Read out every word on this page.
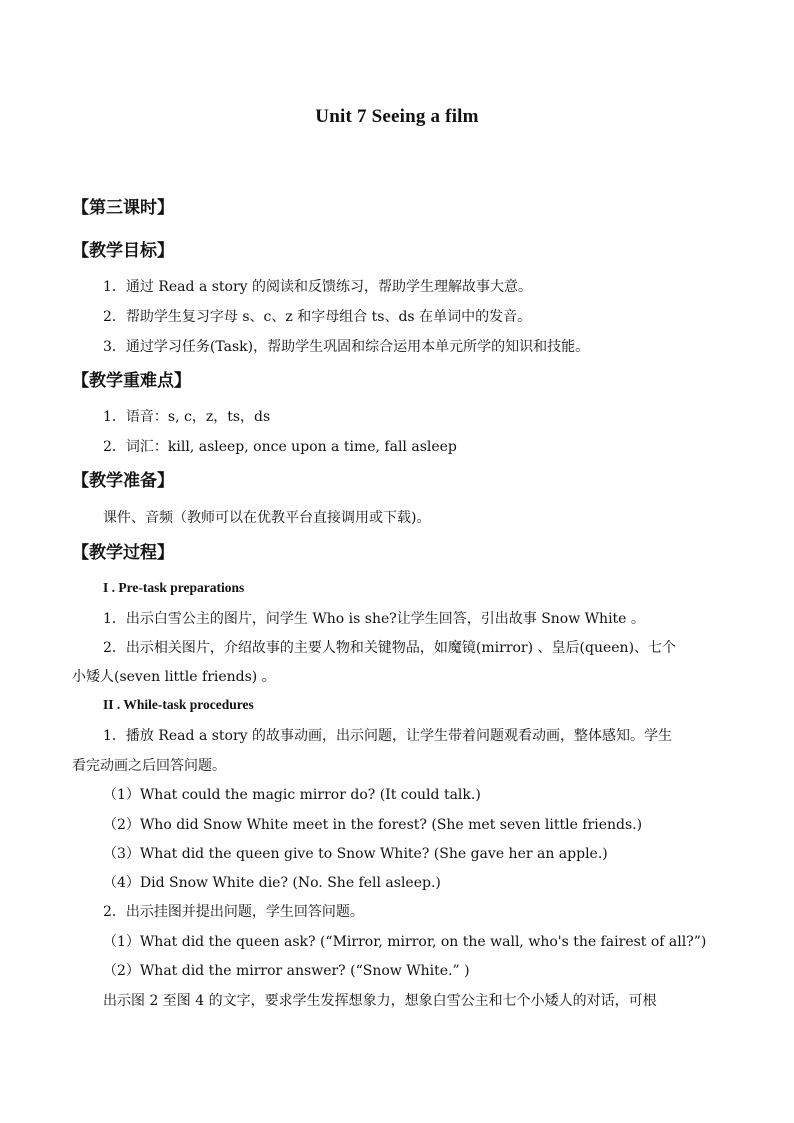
Unit 7 Seeing a film
【第三课时】
【教学目标】
1．通过 Read a story 的阅读和反馈练习，帮助学生理解故事大意。
2．帮助学生复习字母 s、c、z 和字母组合 ts、ds 在单词中的发音。
3．通过学习任务(Task)，帮助学生巩固和综合运用本单元所学的知识和技能。
【教学重难点】
1．语音：s, c，z，ts，ds
2．词汇：kill, asleep, once upon a time, fall asleep
【教学准备】
课件、音频（教师可以在优教平台直接调用或下载)。
【教学过程】
I . Pre-task preparations
1．出示白雪公主的图片，问学生 Who is she?让学生回答，引出故事 Snow White 。
2．出示相关图片，介绍故事的主要人物和关键物品，如魔镜(mirror) 、皇后(queen)、七个
小矮人(seven little friends) 。
II . While-task procedures
1．播放 Read a story 的故事动画，出示问题，让学生带着问题观看动画，整体感知。学生
看完动画之后回答问题。
（1）What could the magic mirror do? (It could talk.)
（2）Who did Snow White meet in the forest? (She met seven little friends.)
（3）What did the queen give to Snow White? (She gave her an apple.)
（4）Did Snow White die? (No. She fell asleep.)
2．出示挂图并提出问题，学生回答问题。
（1）What did the queen ask? (“Mirror, mirror, on the wall, who's the fairest of all?”)
（2）What did the mirror answer? (“Snow White.” )
出示图 2 至图 4 的文字，要求学生发挥想象力，想象白雪公主和七个小矮人的对话，可根
